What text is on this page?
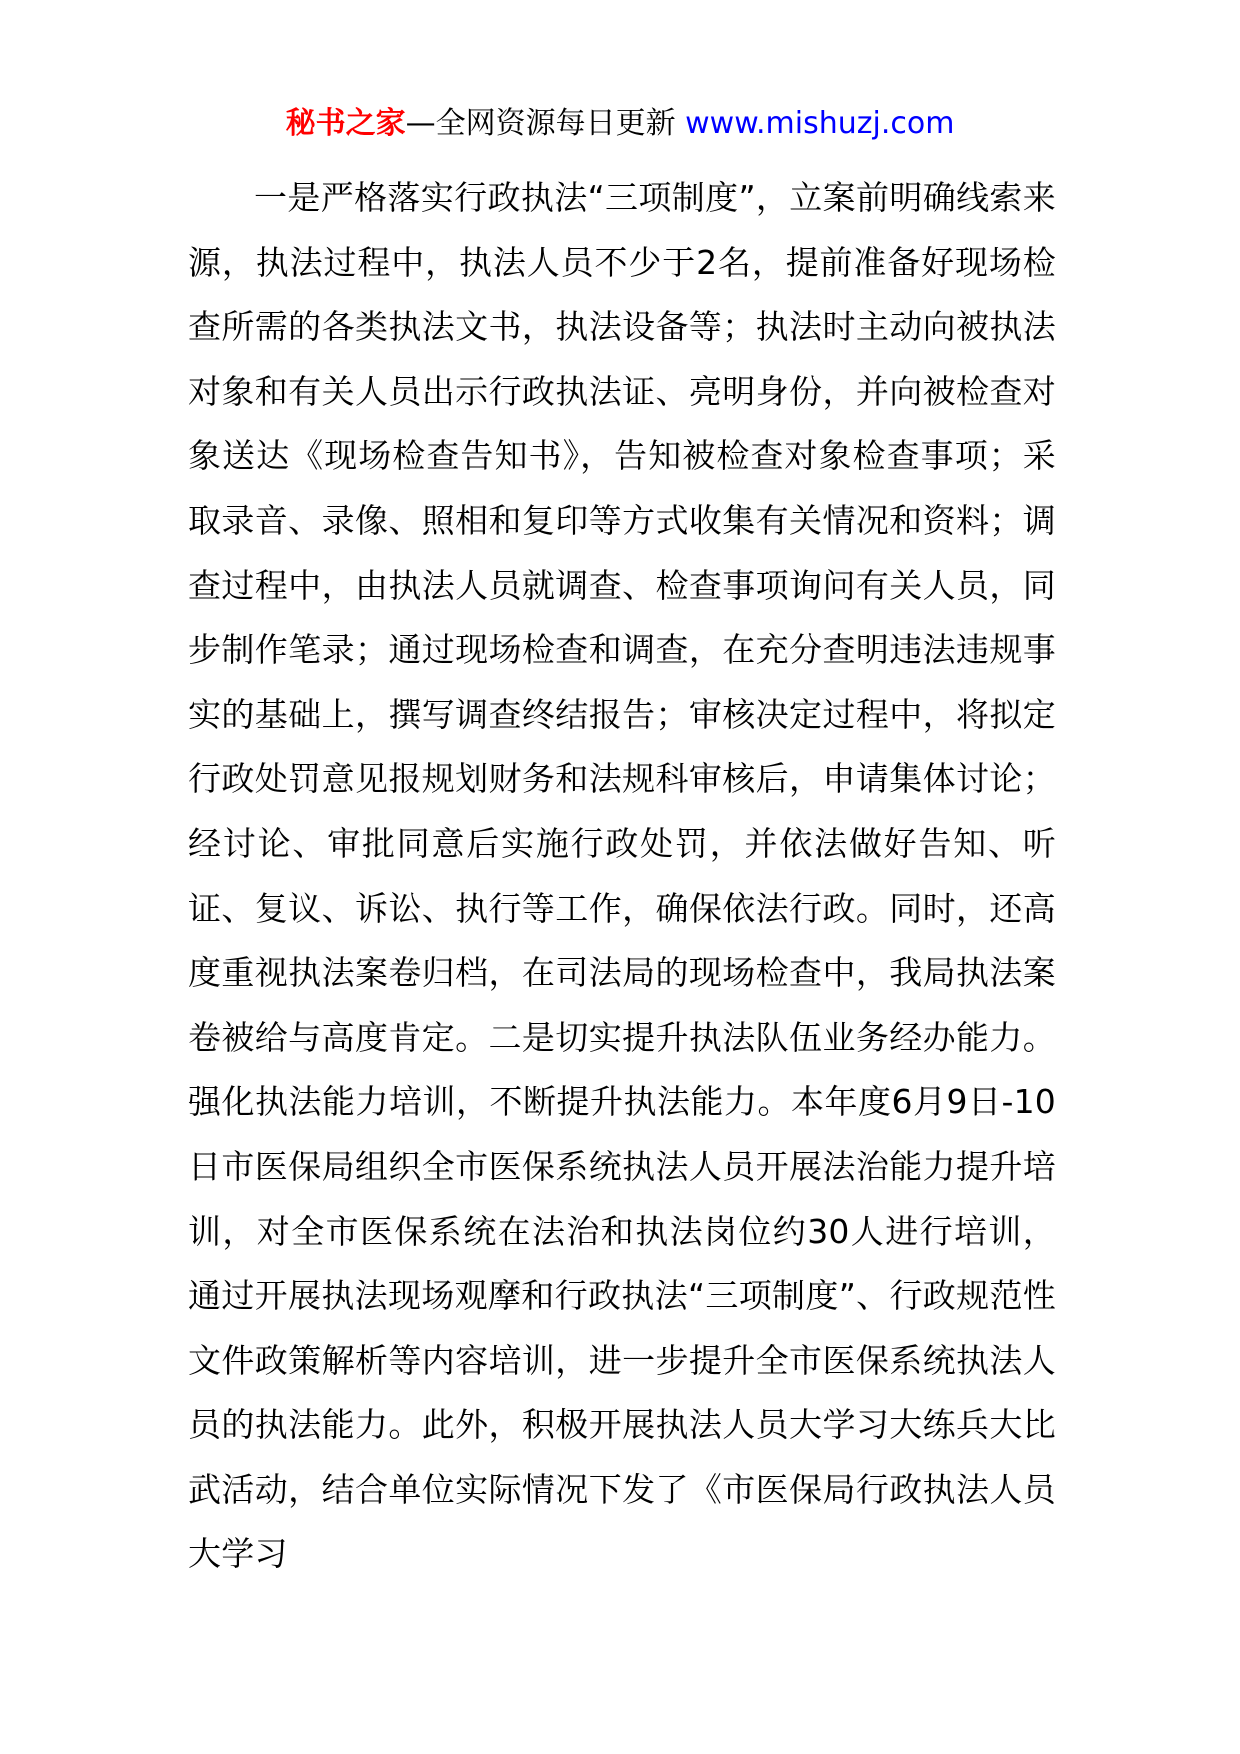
秘书之家—全网资源每日更新 www.mishuzj.com
一是严格落实行政执法“三项制度”，立案前明确线索来源，执法过程中，执法人员不少于2名，提前准备好现场检查所需的各类执法文书，执法设备等；执法时主动向被执法对象和有关人员出示行政执法证、亮明身份，并向被检查对象送达《现场检查告知书》，告知被检查对象检查事项；采取录音、录像、照相和复印等方式收集有关情况和资料；调查过程中，由执法人员就调查、检查事项询问有关人员，同步制作笔录；通过现场检查和调查，在充分查明违法违规事实的基础上，撰写调查终结报告；审核决定过程中，将拟定行政处罚意见报规划财务和法规科审核后，申请集体讨论；经讨论、审批同意后实施行政处罚，并依法做好告知、听证、复议、诉讼、执行等工作，确保依法行政。同时，还高度重视执法案卷归档，在司法局的现场检查中，我局执法案卷被给与高度肯定。二是切实提升执法队伍业务经办能力。强化执法能力培训，不断提升执法能力。本年度6月9日-10日市医保局组织全市医保系统执法人员开展法治能力提升培训，对全市医保系统在法治和执法岗位约30人进行培训，通过开展执法现场观摩和行政执法“三项制度”、行政规范性文件政策解析等内容培训，进一步提升全市医保系统执法人员的执法能力。此外，积极开展执法人员大学习大练兵大比武活动，结合单位实际情况下发了《市医保局行政执法人员大学习
